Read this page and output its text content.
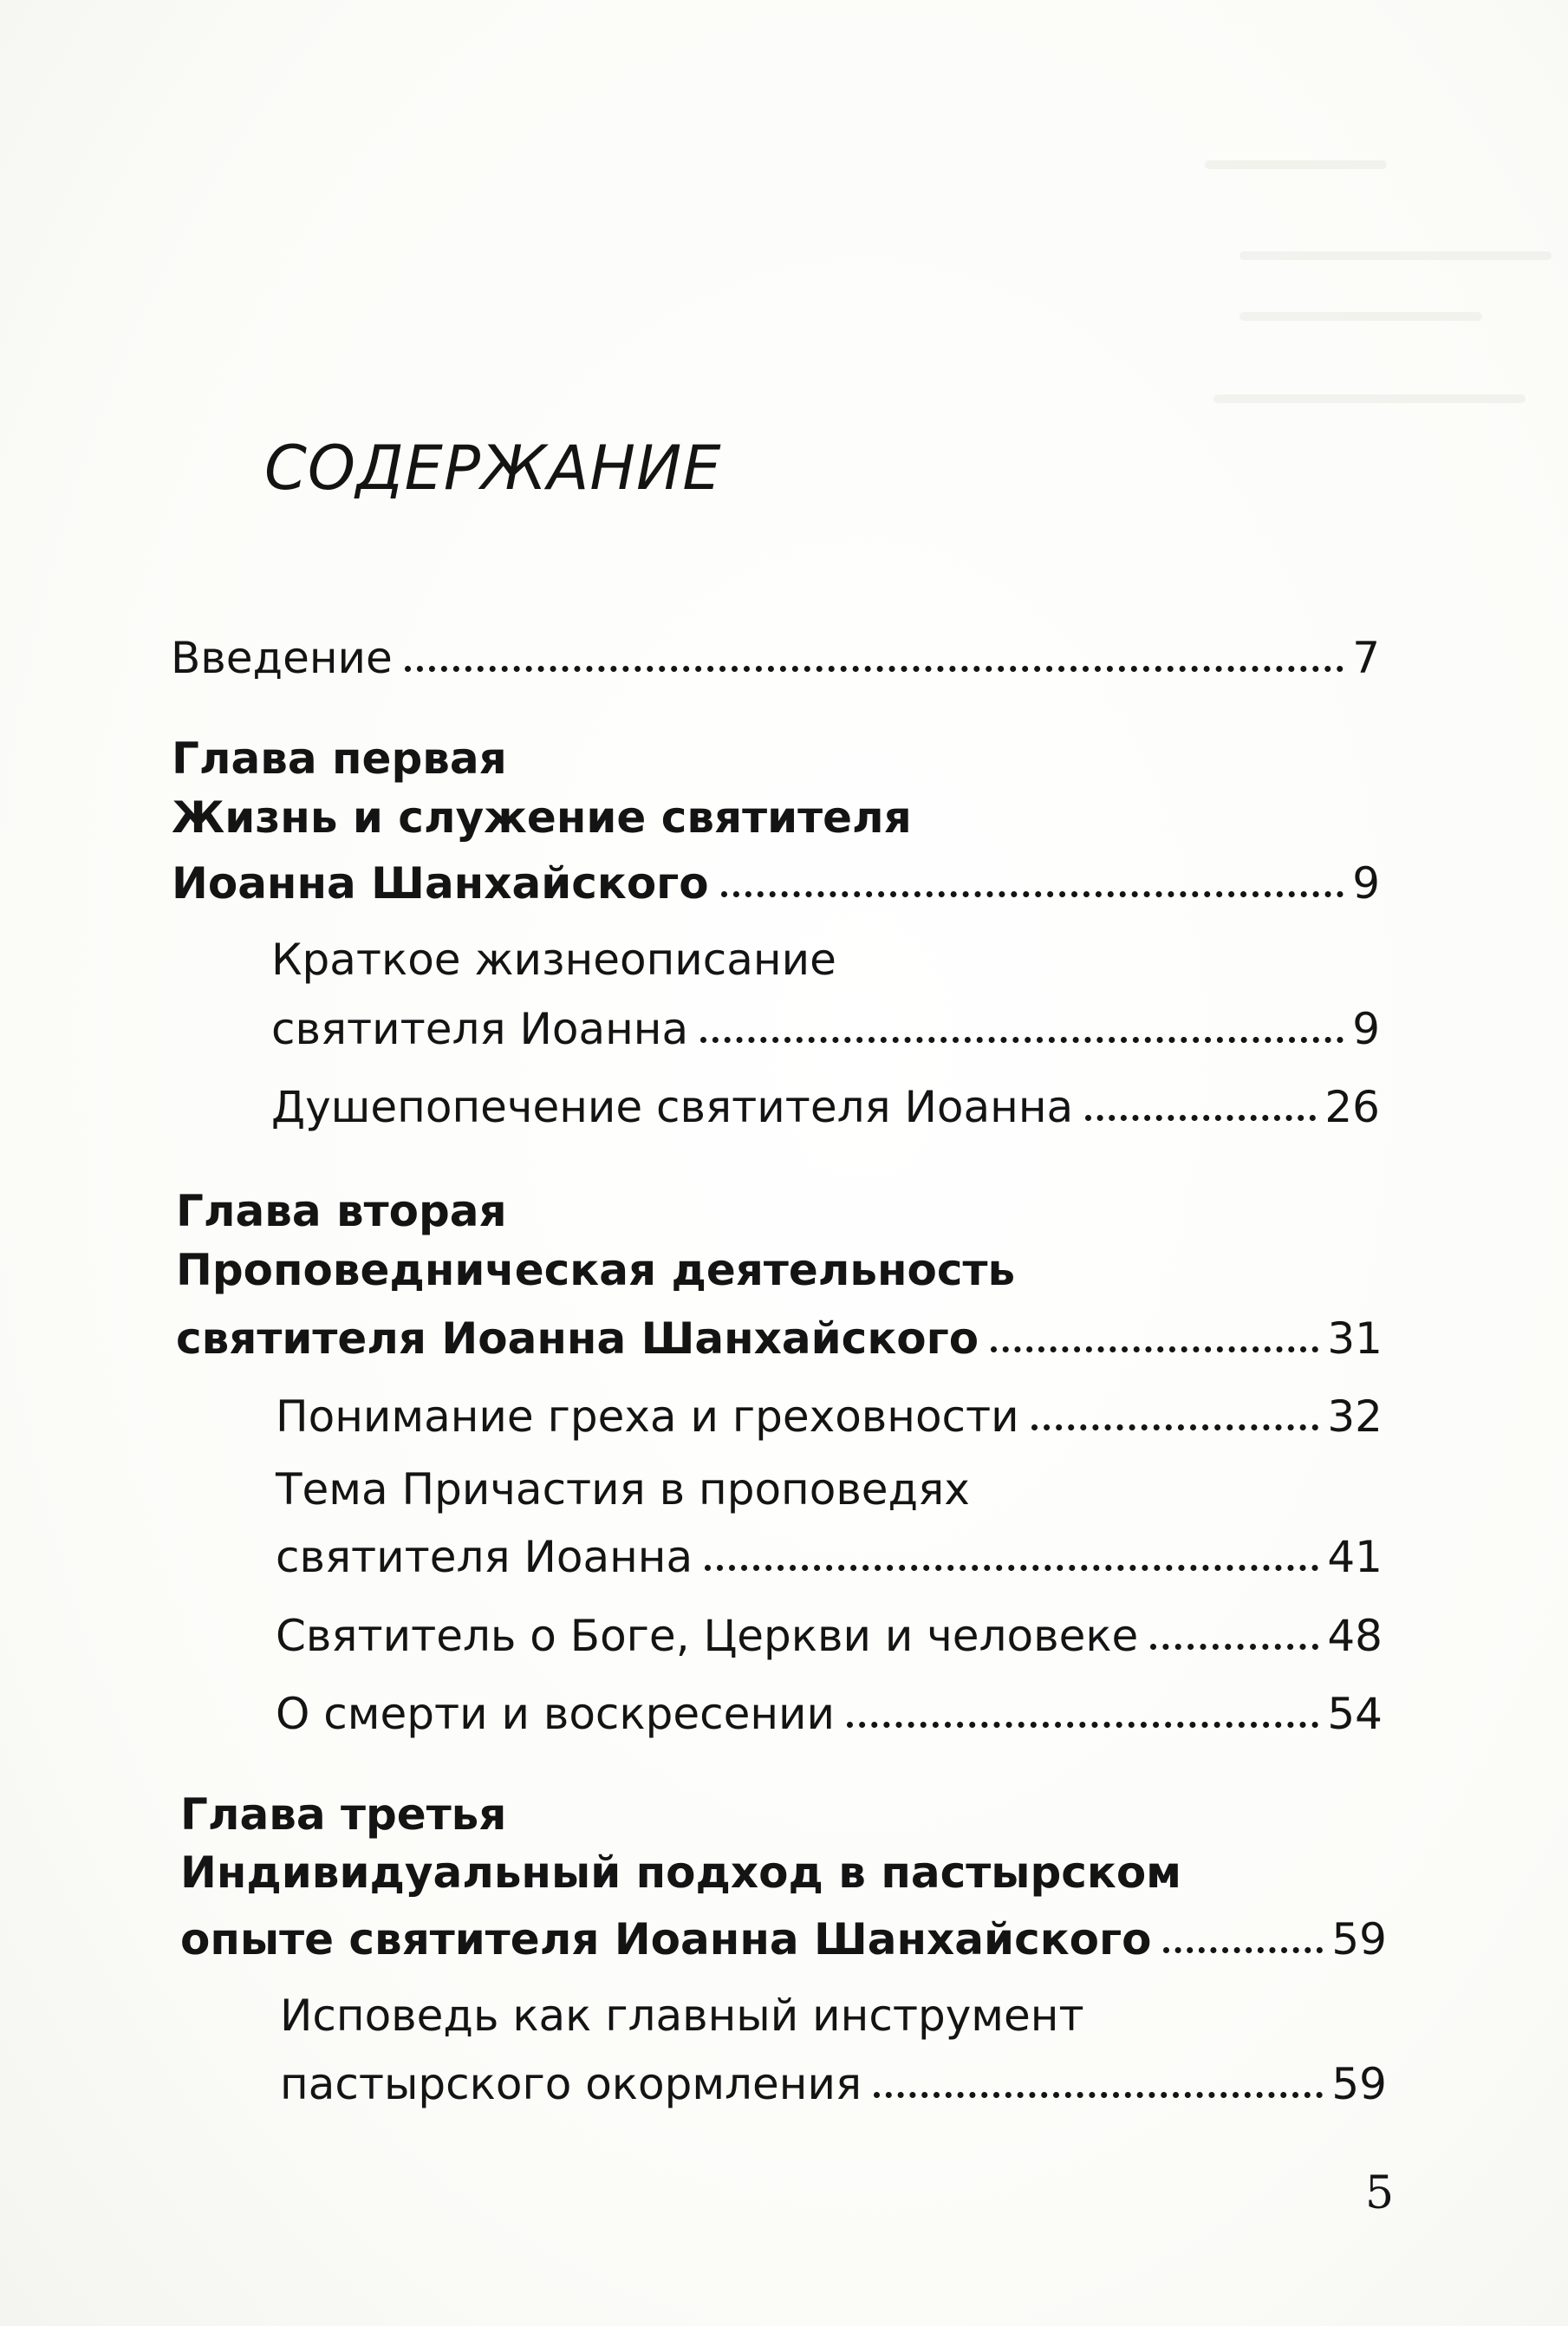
СОДЕРЖАНИЕ
Введение	7
Глава первая
Жизнь и служение святителя
Иоанна Шанхайского	9
Краткое жизнеописание
святителя Иоанна	9
Душепопечение святителя Иоанна	26
Глава вторая
Проповедническая деятельность
святителя Иоанна Шанхайского	31
Понимание греха и греховности	32
Тема Причастия в проповедях
святителя Иоанна	41
Святитель о Боге, Церкви и человеке	48
О смерти и воскресении	54
Глава третья
Индивидуальный подход в пастырском
опыте святителя Иоанна Шанхайского	59
Исповедь как главный инструмент
пастырского окормления	59
5
